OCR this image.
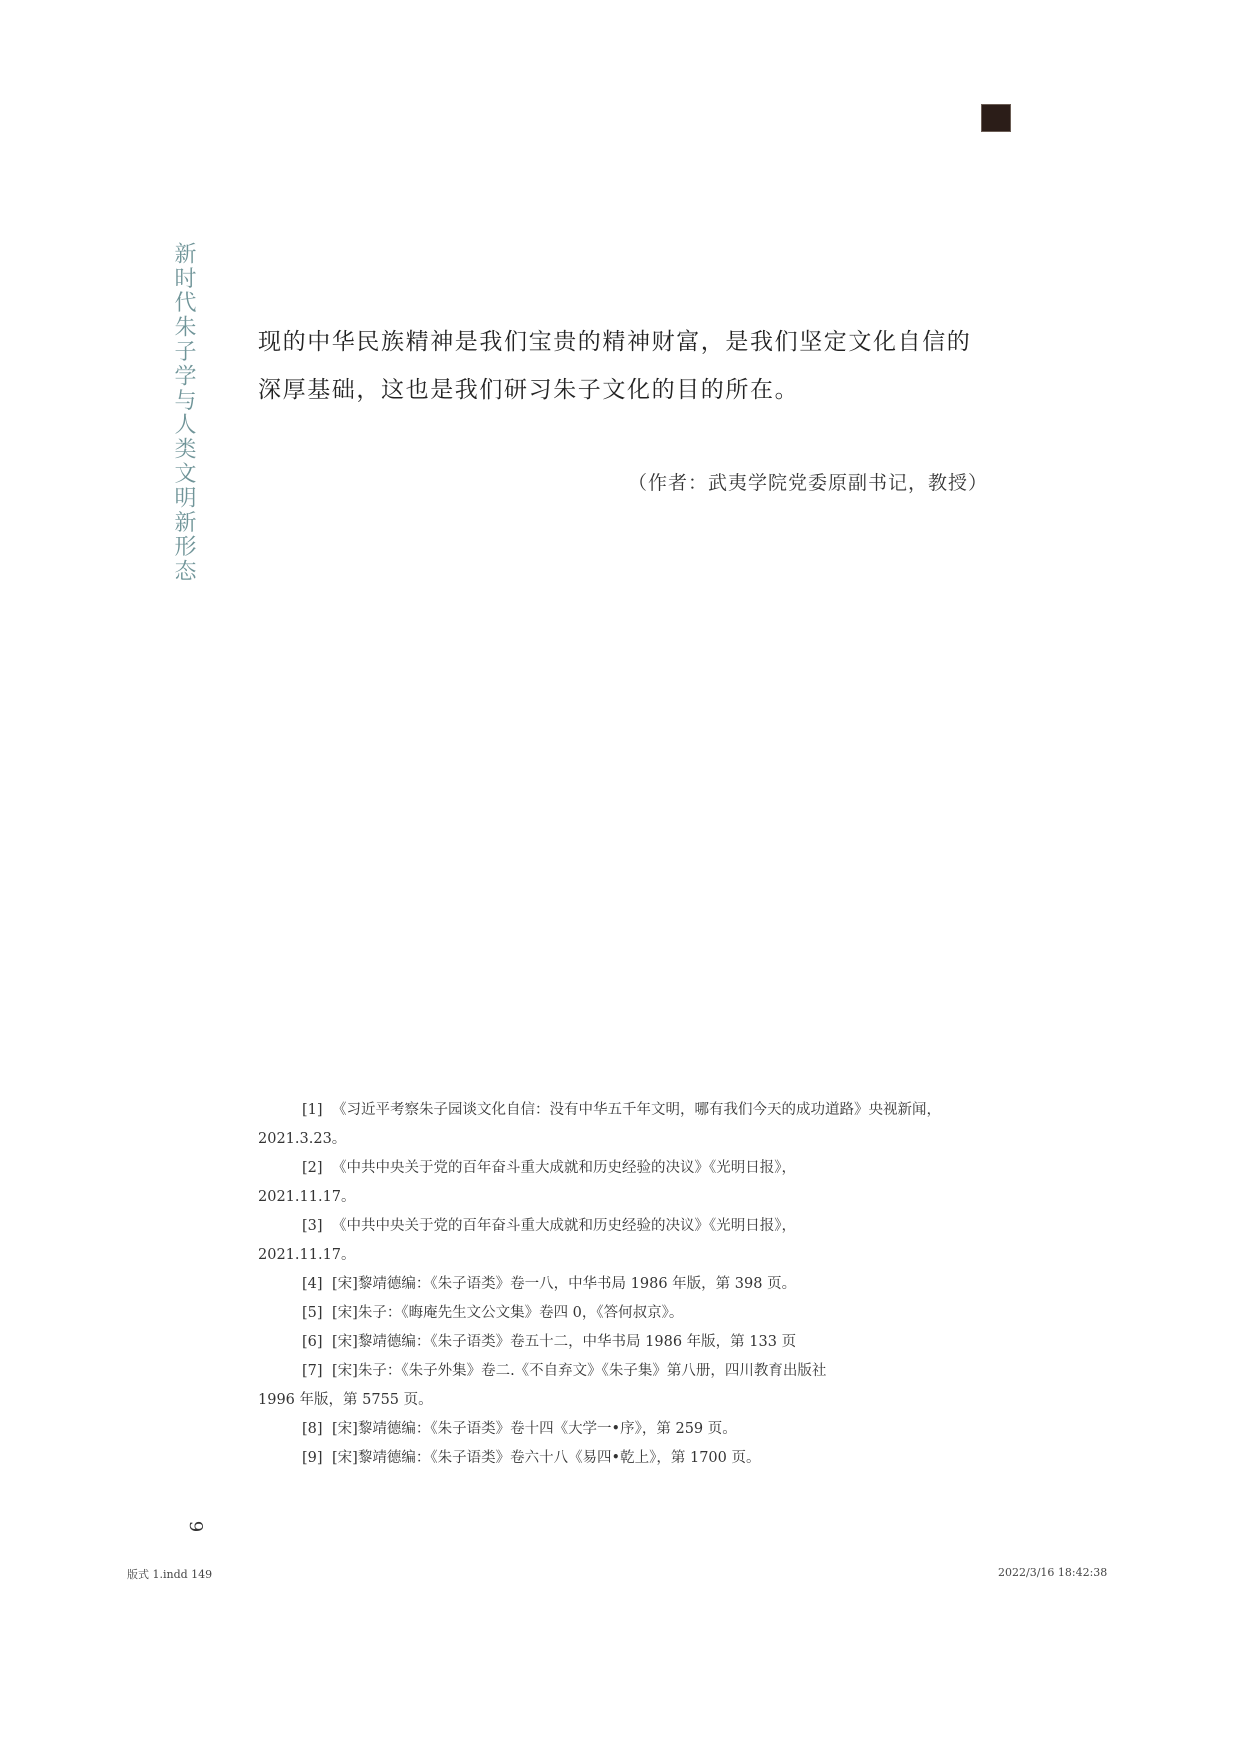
新时代朱子学与人类文明新形态	现的中华民族精神是我们宝贵的精神财富，是我们坚定文化自信的

深厚基础，这也是我们研习朱子文化的目的所在。

（作者：武夷学院党委原副书记，教授）
[1] 《习近平考察朱子园谈文化自信：没有中华五千年文明，哪有我们今天的成功道路》央视新闻，
2021.3.23。
[2] 《中共中央关于党的百年奋斗重大成就和历史经验的决议》《光明日报》，
2021.11.17。
[3] 《中共中央关于党的百年奋斗重大成就和历史经验的决议》《光明日报》，
2021.11.17。
[4] [宋]黎靖德编：《朱子语类》卷一八，中华书局 1986 年版，第 398 页。
[5] [宋]朱子：《晦庵先生文公文集》卷四 0，《答何叔京》。
[6] [宋]黎靖德编：《朱子语类》卷五十二，中华书局 1986 年版，第 133 页
[7] [宋]朱子：《朱子外集》卷二.《不自弃文》《朱子集》第八册，四川教育出版社
1996 年版，第 5755 页。
[8] [宋]黎靖德编：《朱子语类》卷十四《大学一•序》，第 259 页。
[9] [宋]黎靖德编：《朱子语类》卷六十八《易四•乾上》，第 1700 页。
9
版式 1.indd 149	2022/3/16 18:42:38
